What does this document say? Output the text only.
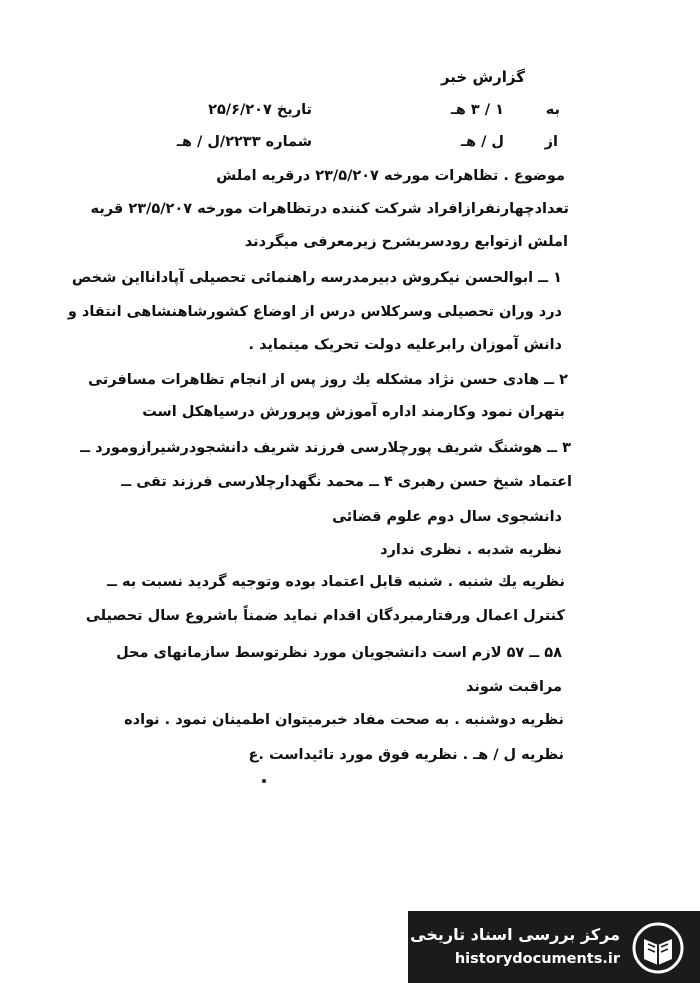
گزارش خبر
به
۱ / ۳ هـ
تاریخ ۲۵/۶/۲۰۷
از
ل / هـ
شماره ۲۲۳۳/ل / هـ
موضوع . تظاهرات مورخه ۲۳/۵/۲۰۷ درقریه املش
تعدادچهارنفرازافراد شرکت کننده درتظاهرات مورخه ۲۳/۵/۲۰۷ قریه
املش ازتوابع رودسربشرح زیرمعرفی میگردند
۱ ــ ابوالحسن نیکروش دبیرمدرسه راهنمائی تحصیلی آپادانااین شخص
درد وران تحصیلی وسرکلاس درس از اوضاع کشورشاهنشاهی انتقاد و
دانش آموزان رابرعلیه دولت تحریک مینماید .
۲ ــ هادی حسن نژاد مشکله یك روز پس از انجام تظاهرات مسافرتی
بتهران نمود وکارمند اداره آموزش وپرورش درسیاهکل است
۳ ــ هوشنگ شریف پورچلارسی فرزند شریف دانشجودرشیرازومورد ــ
اعتماد شیخ حسن رهبری ۴ ــ محمد نگهدارچلارسی فرزند تقی ــ
دانشجوی سال دوم علوم قضائی
نظریه شدبه . نظری ندارد
نظریه یك شنبه . شنبه قابل اعتماد بوده وتوجیه گردید نسبت به ــ
کنترل اعمال ورفتارمبردگان اقدام نماید ضمناً باشروع سال تحصیلی
۵۸ ــ ۵۷ لازم است دانشجویان مورد نظرتوسط سازمانهای محل
مراقبت شوند
نظریه دوشنبه . به صحت مفاد خبرمیتوان اطمینان نمود . نواده
نظریه ل / هـ . نظریه فوق مورد تائیداست .ع
مرکز بررسی اسناد تاریخی
historydocuments.ir
